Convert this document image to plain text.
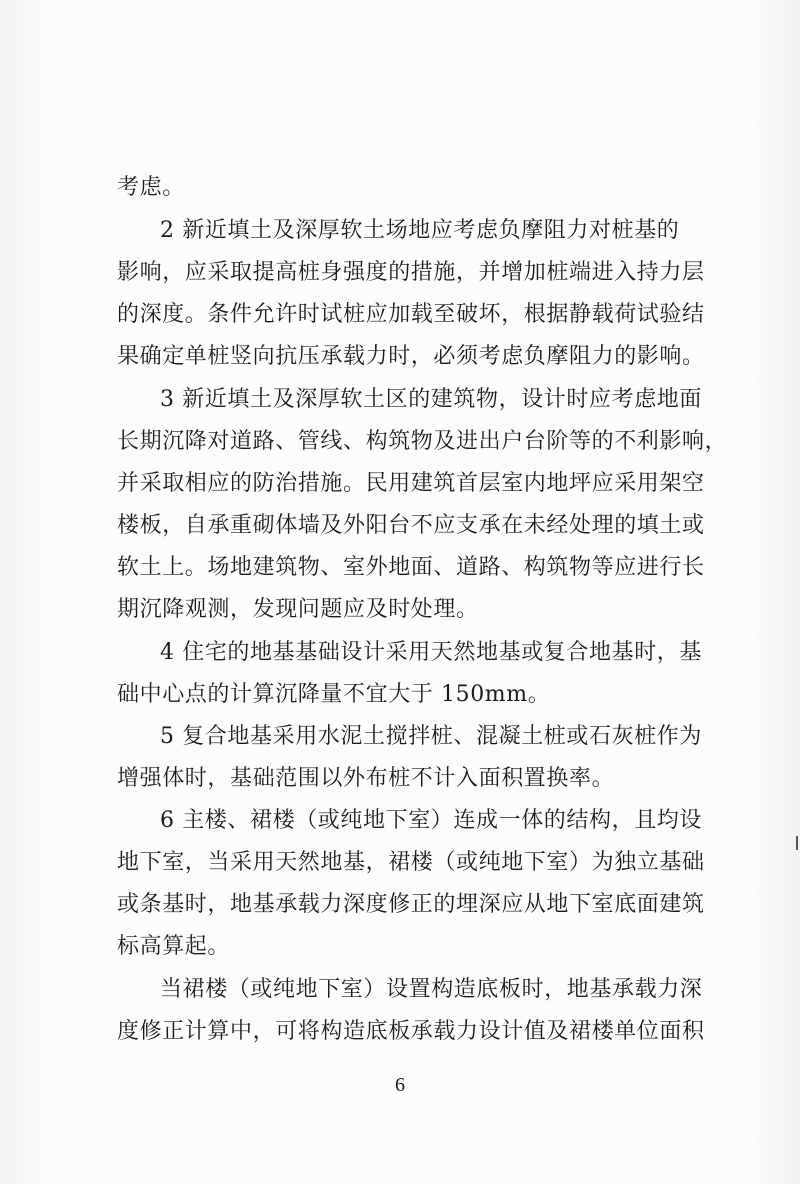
考虑。
2 新近填土及深厚软土场地应考虑负摩阻力对桩基的
影响，应采取提高桩身强度的措施，并增加桩端进入持力层
的深度。条件允许时试桩应加载至破坏，根据静载荷试验结
果确定单桩竖向抗压承载力时，必须考虑负摩阻力的影响。
3 新近填土及深厚软土区的建筑物，设计时应考虑地面
长期沉降对道路、管线、构筑物及进出户台阶等的不利影响，
并采取相应的防治措施。民用建筑首层室内地坪应采用架空
楼板，自承重砌体墙及外阳台不应支承在未经处理的填土或
软土上。场地建筑物、室外地面、道路、构筑物等应进行长
期沉降观测，发现问题应及时处理。
4 住宅的地基基础设计采用天然地基或复合地基时，基
础中心点的计算沉降量不宜大于 150mm。
5 复合地基采用水泥土搅拌桩、混凝土桩或石灰桩作为
增强体时，基础范围以外布桩不计入面积置换率。
6 主楼、裙楼（或纯地下室）连成一体的结构，且均设
地下室，当采用天然地基，裙楼（或纯地下室）为独立基础
或条基时，地基承载力深度修正的埋深应从地下室底面建筑
标高算起。
当裙楼（或纯地下室）设置构造底板时，地基承载力深
度修正计算中，可将构造底板承载力设计值及裙楼单位面积
6
